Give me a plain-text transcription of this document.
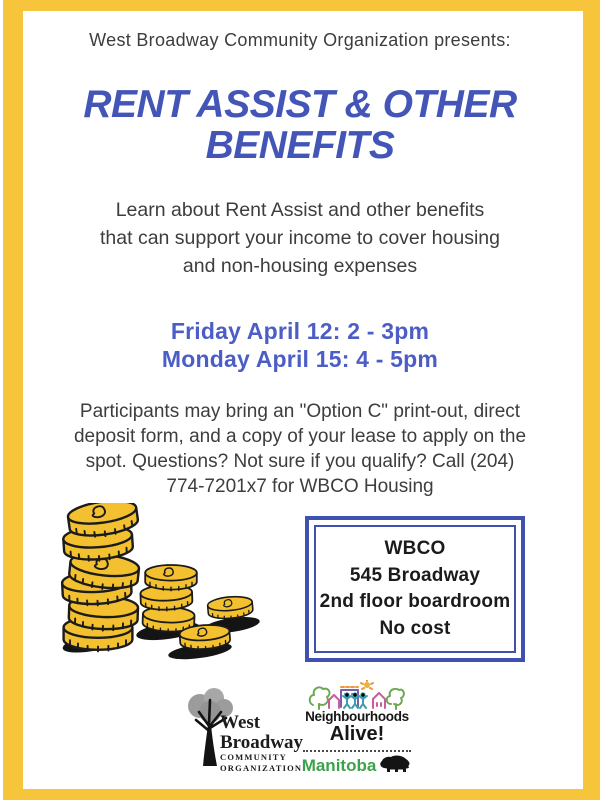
West Broadway Community Organization presents:
RENT ASSIST & OTHER
BENEFITS
Learn about Rent Assist and other benefits
that can support your income to cover housing
and non-housing expenses
Friday April 12: 2 - 3pm
Monday April 15: 4 - 5pm
Participants may bring an "Option C" print-out, direct
deposit form, and a copy of your lease to apply on the
spot. Questions? Not sure if you qualify? Call (204)
774-7201x7 for WBCO Housing
WBCO
545 Broadway
2nd floor boardroom
No cost
West
Broadway
COMMUNITY
ORGANIZATION
Neighbourhoods
Alive!
Manitoba
